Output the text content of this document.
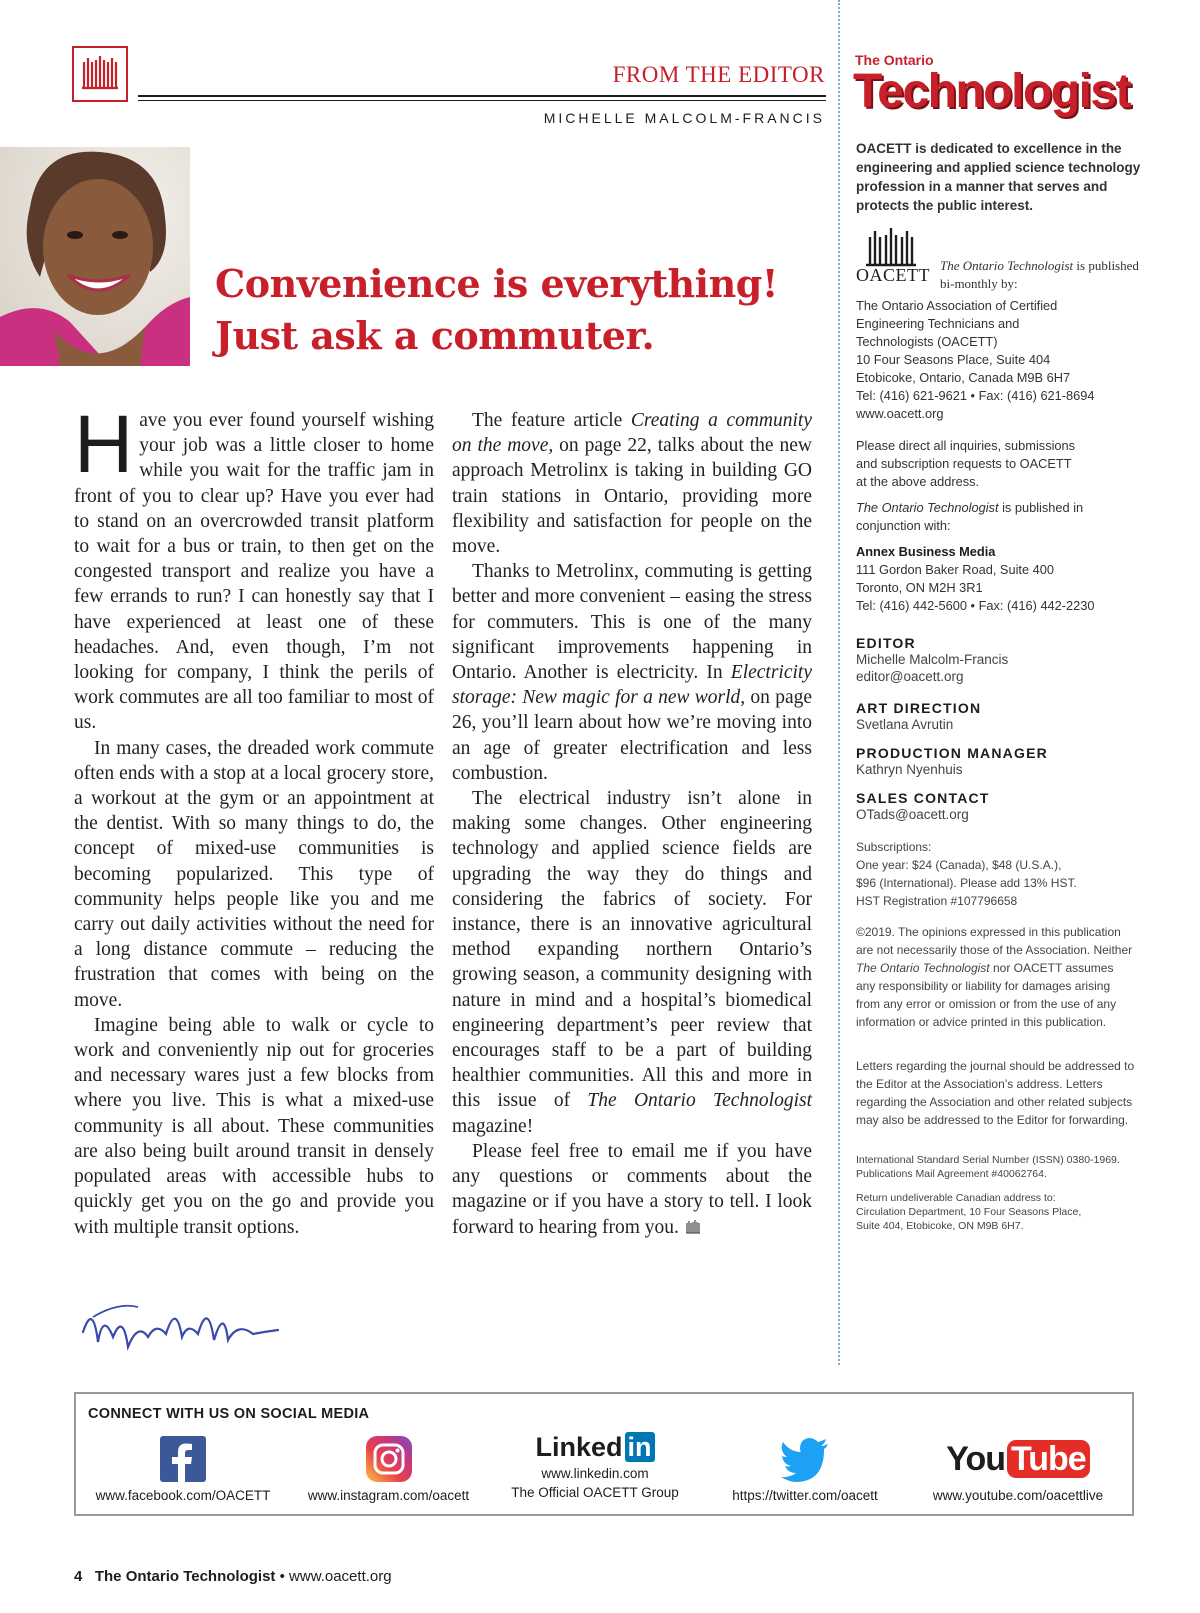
FROM THE EDITOR
MICHELLE MALCOLM-FRANCIS
Convenience is everything!
Just ask a commuter.

Have you ever found yourself wishing your job was a little closer to home while you wait for the traffic jam in front of you to clear up? Have you ever had to stand on an overcrowded transit platform to wait for a bus or train, to then get on the congested transport and realize you have a few errands to run? I can honestly say that I have experienced at least one of these headaches. And, even though, I’m not looking for company, I think the perils of work commutes are all too familiar to most of us.

In many cases, the dreaded work commute often ends with a stop at a local grocery store, a workout at the gym or an appointment at the dentist. With so many things to do, the concept of mixed-use communities is becoming popularized. This type of community helps people like you and me carry out daily activities without the need for a long distance commute – reducing the frustration that comes with being on the move.

Imagine being able to walk or cycle to work and conveniently nip out for groceries and necessary wares just a few blocks from where you live. This is what a mixed-use community is all about. These communities are also being built around transit in densely populated areas with accessible hubs to quickly get you on the go and provide you with multiple transit options.

The feature article Creating a community on the move, on page 22, talks about the new approach Metrolinx is taking in building GO train stations in Ontario, providing more flexibility and satisfaction for people on the move.

Thanks to Metrolinx, commuting is getting better and more convenient – easing the stress for commuters. This is one of the many significant improvements happening in Ontario. Another is electricity. In Electricity storage: New magic for a new world, on page 26, you’ll learn about how we’re moving into an age of greater electrification and less combustion.

The electrical industry isn’t alone in making some changes. Other engineering technology and applied science fields are upgrading the way they do things and considering the fabrics of society. For instance, there is an innovative agricultural method expanding northern Ontario’s growing season, a community designing with nature in mind and a hospital’s biomedical engineering department’s peer review that encourages staff to be a part of building healthier communities. All this and more in this issue of The Ontario Technologist magazine!

Please feel free to email me if you have any questions or comments about the magazine or if you have a story to tell. I look forward to hearing from you.

The Ontario
Technologist
OACETT is dedicated to excellence in the engineering and applied science technology profession in a manner that serves and protects the public interest.
OACETT The Ontario Technologist is published bi-monthly by:
The Ontario Association of Certified
Engineering Technicians and
Technologists (OACETT)
10 Four Seasons Place, Suite 404
Etobicoke, Ontario, Canada M9B 6H7
Tel: (416) 621-9621 • Fax: (416) 621-8694
www.oacett.org
Please direct all inquiries, submissions
and subscription requests to OACETT
at the above address.
The Ontario Technologist is published in
conjunction with:
Annex Business Media
111 Gordon Baker Road, Suite 400
Toronto, ON M2H 3R1
Tel: (416) 442-5600 • Fax: (416) 442-2230
EDITOR
Michelle Malcolm-Francis
editor@oacett.org
ART DIRECTION
Svetlana Avrutin
PRODUCTION MANAGER
Kathryn Nyenhuis
SALES CONTACT
OTads@oacett.org
Subscriptions:
One year: $24 (Canada), $48 (U.S.A.),
$96 (International). Please add 13% HST.
HST Registration #107796658
©2019. The opinions expressed in this publication are not necessarily those of the Association. Neither The Ontario Technologist nor OACETT assumes any responsibility or liability for damages arising from any error or omission or from the use of any information or advice printed in this publication.
Letters regarding the journal should be addressed to the Editor at the Association’s address. Letters regarding the Association and other related subjects may also be addressed to the Editor for forwarding.
International Standard Serial Number (ISSN) 0380-1969.
Publications Mail Agreement #40062764.
Return undeliverable Canadian address to:
Circulation Department, 10 Four Seasons Place,
Suite 404, Etobicoke, ON M9B 6H7.
CONNECT WITH US ON SOCIAL MEDIA
www.facebook.com/OACETT	www.instagram.com/oacett
Linked in
www.linkedin.com
The Official OACETT Group	https://twitter.com/oacett
You Tube
www.youtube.com/oacettlive
4 The Ontario Technologist • www.oacett.org
